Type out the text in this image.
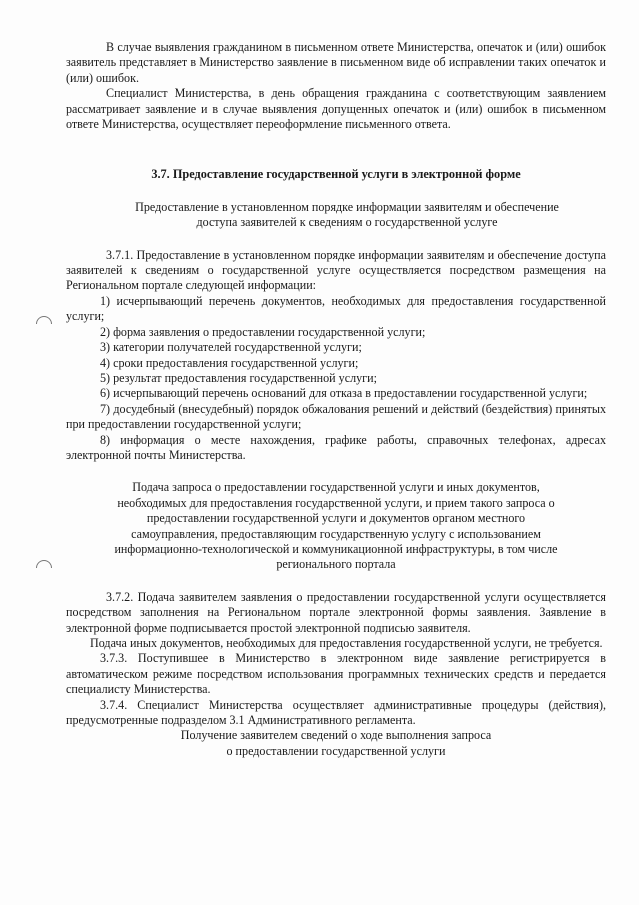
В случае выявления гражданином в письменном ответе Министерства, опечаток и (или) ошибок заявитель представляет в Министерство заявление в письменном виде об исправлении таких опечаток и (или) ошибок.

Специалист Министерства, в день обращения гражданина с соответствующим заявлением рассматривает заявление и в случае выявления допущенных опечаток и (или) ошибок в письменном ответе Министерства, осуществляет переоформление письменного ответа.

3.7. Предоставление государственной услуги в электронной форме

Предоставление в установленном порядке информации заявителям и обеспечение

доступа заявителей к сведениям о государственной услуге

3.7.1. Предоставление в установленном порядке информации заявителям и обеспечение доступа заявителей к сведениям о государственной услуге осуществляется посредством размещения на Региональном портале следующей информации:

1) исчерпывающий перечень документов, необходимых для предоставления государственной услуги;

2) форма заявления о предоставлении государственной услуги;

3) категории получателей государственной услуги;

4) сроки предоставления государственной услуги;

5) результат предоставления государственной услуги;

6) исчерпывающий перечень оснований для отказа в предоставлении государственной услуги;

7) досудебный (внесудебный) порядок обжалования решений и действий (бездействия) принятых при предоставлении государственной услуги;

8) информация о месте нахождения, графике работы, справочных телефонах, адресах электронной почты Министерства.

Подача запроса о предоставлении государственной услуги и иных документов,

необходимых для предоставления государственной услуги, и прием такого запроса о

предоставлении государственной услуги и документов органом местного

самоуправления, предоставляющим государственную услугу с использованием

информационно-технологической и коммуникационной инфраструктуры, в том числе

регионального портала

3.7.2. Подача заявителем заявления о предоставлении государственной услуги осуществляется посредством заполнения на Региональном портале электронной формы заявления. Заявление в электронной форме подписывается простой электронной подписью заявителя.

Подача иных документов, необходимых для предоставления государственной услуги, не требуется.

3.7.3. Поступившее в Министерство в электронном виде заявление регистрируется в автоматическом режиме посредством использования программных технических средств и передается специалисту Министерства.

3.7.4. Специалист Министерства осуществляет административные процедуры (действия), предусмотренные подразделом 3.1 Административного регламента.

Получение заявителем сведений о ходе выполнения запроса

о предоставлении государственной услуги
